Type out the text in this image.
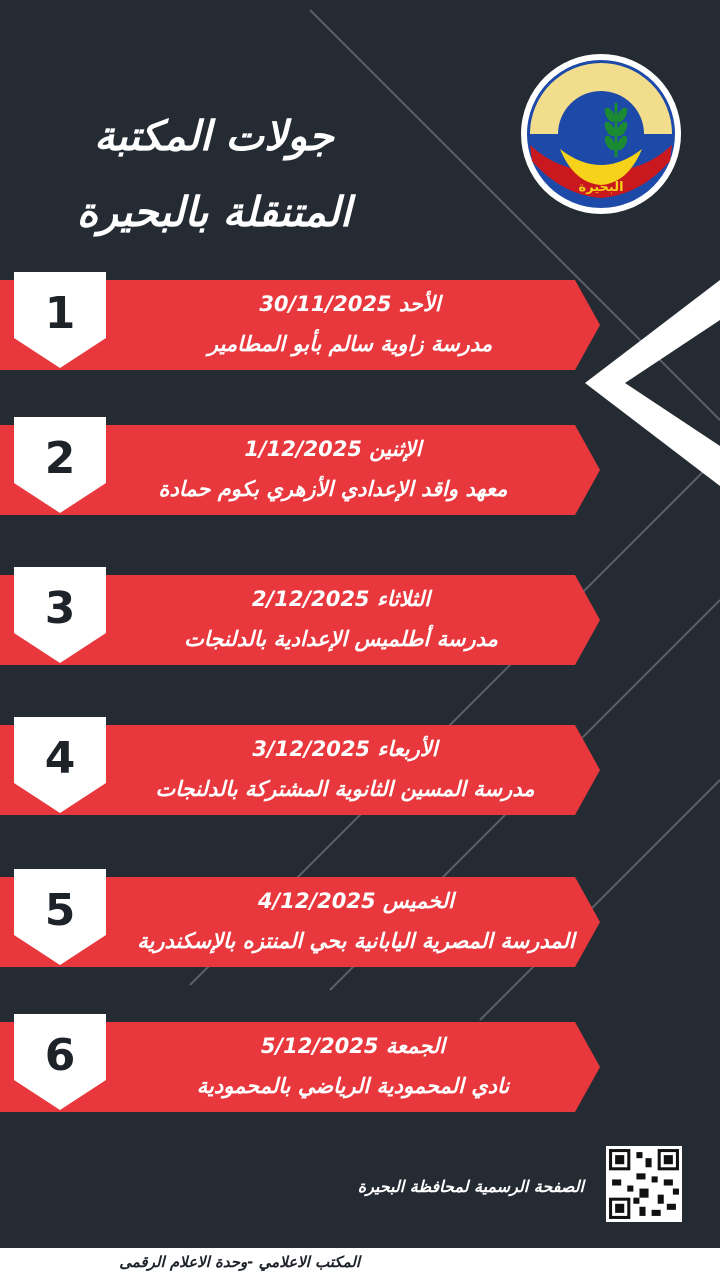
البحيرة
جولات المكتبة
المتنقلة بالبحيرة
1	الأحد 30/11/2025
مدرسة زاوية سالم بأبو المطامير
2	الإثنين 1/12/2025
معهد واقد الإعدادي الأزهري بكوم حمادة
3	الثلاثاء 2/12/2025
مدرسة أطلميس الإعدادية بالدلنجات
4	الأربعاء 3/12/2025
مدرسة المسين الثانوية المشتركة بالدلنجات
5	الخميس 4/12/2025
المدرسة المصرية اليابانية بحي المنتزه بالإسكندرية
6	الجمعة 5/12/2025
نادي المحمودية الرياضي بالمحمودية
الصفحة الرسمية لمحافظة البحيرة
المكتب الاعلامي -وحدة الاعلام الرقمى
